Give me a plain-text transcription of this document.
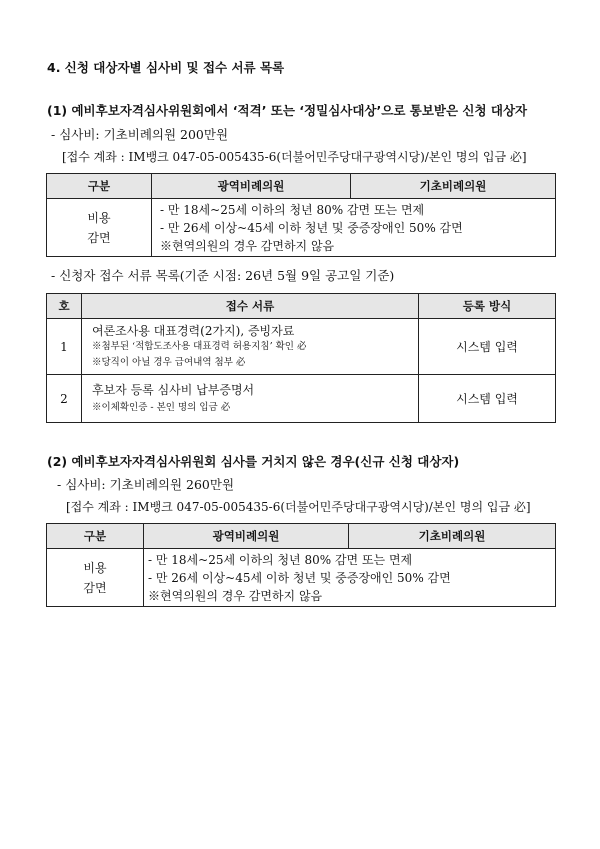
4. 신청 대상자별 심사비 및 접수 서류 목록
(1) 예비후보자격심사위원회에서 ‘적격’ 또는 ‘정밀심사대상’으로 통보받은 신청 대상자
- 심사비: 기초비례의원 200만원
[접수 계좌 : IM뱅크 047-05-005435-6(더불어민주당대구광역시당)/본인 명의 입금 必]
구분	광역비례의원	기초비례의원

비용
감면	- 만 18세~25세 이하의 청년 80% 감면 또는 면제
- 만 26세 이상~45세 이하 청년 및 중증장애인 50% 감면
※현역의원의 경우 감면하지 않음	
- 신청자 접수 서류 목록(기준 시점: 26년 5월 9일 공고일 기준)
호	접수 서류	등록 방식
1	여론조사용 대표경력(2가지), 증빙자료
※첨부된 ‘적합도조사용 대표경력 허용지침’ 확인 必
※당직이 아닐 경우 급여내역 첨부 必	시스템 입력
2	후보자 등록 심사비 납부증명서
※이체확인증 - 본인 명의 입금 必	시스템 입력
(2) 예비후보자자격심사위원회 심사를 거치지 않은 경우(신규 신청 대상자)
- 심사비: 기초비례의원 260만원
[접수 계좌 : IM뱅크 047-05-005435-6(더불어민주당대구광역시당)/본인 명의 입금 必]
구분	광역비례의원	기초비례의원

비용
감면	- 만 18세~25세 이하의 청년 80% 감면 또는 면제
- 만 26세 이상~45세 이하 청년 및 중증장애인 50% 감면
※현역의원의 경우 감면하지 않음	
